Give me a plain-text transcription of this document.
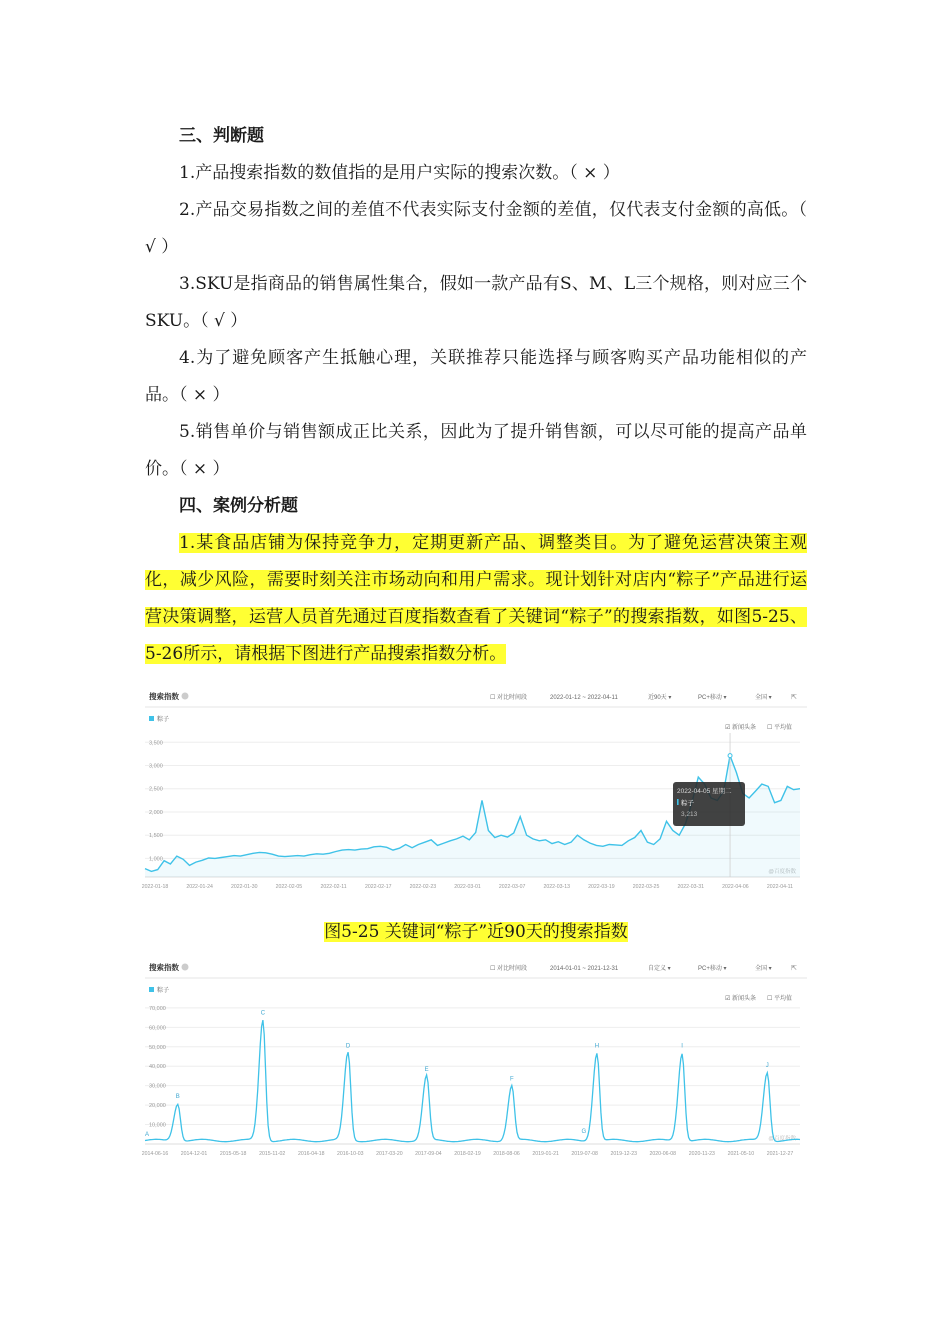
三、判断题

1.产品搜索指数的数值指的是用户实际的搜索次数。（ × ）

2.产品交易指数之间的差值不代表实际支付金额的差值，仅代表支付金额的高低。（ √ ）

3.SKU是指商品的销售属性集合，假如一款产品有S、M、L三个规格，则对应三个SKU。（ √ ）

4.为了避免顾客产生抵触心理，关联推荐只能选择与顾客购买产品功能相似的产品。（ × ）

5.销售单价与销售额成正比关系，因此为了提升销售额，可以尽可能的提高产品单价。（ × ）

四、案例分析题

1.某食品店铺为保持竞争力，定期更新产品、调整类目。为了避免运营决策主观化，减少风险，需要时刻关注市场动向和用户需求。现计划针对店内“粽子”产品进行运营决策调整，运营人员首先通过百度指数查看了关键词“粽子”的搜索指数，如图5-25、5-26所示，请根据下图进行产品搜索指数分析。

搜索指数	☐ 对比时间段	2022-01-12 ~ 2022-04-11	近90天 ▾	PC+移动 ▾	全国 ▾	⇱
粽子
☑ 新闻头条 ☐ 平均值
1,000
1,500
2,000
2,500
3,000
3,500
2022-01-18	2022-01-24	2022-01-30	2022-02-05	2022-02-11	2022-02-17	2022-02-23	2022-03-01	2022-03-07	2022-03-13	2022-03-19	2022-03-25	2022-03-31	2022-04-06	2022-04-11
2022-04-05 星期二
粽子
3,213

图5-25 关键词“粽子”近90天的搜索指数

搜索指数	☐ 对比时间段	2014-01-01 ~ 2021-12-31	自定义 ▾	PC+移动 ▾	全国 ▾	⇱
粽子
☑ 新闻头条 ☐ 平均值
10,000
20,000
30,000
40,000
50,000
60,000
70,000
2014-06-16 2014-12-01 2015-05-18 2015-11-02 2016-04-18 2016-10-03 2017-03-20 2017-09-04 2018-02-19 2018-08-06 2019-01-21 2019-07-08 2019-12-23 2020-06-08 2020-11-23 2021-05-10 2021-12-27
@百度指数
A
B
C
D
E
F
G
H	I
J
